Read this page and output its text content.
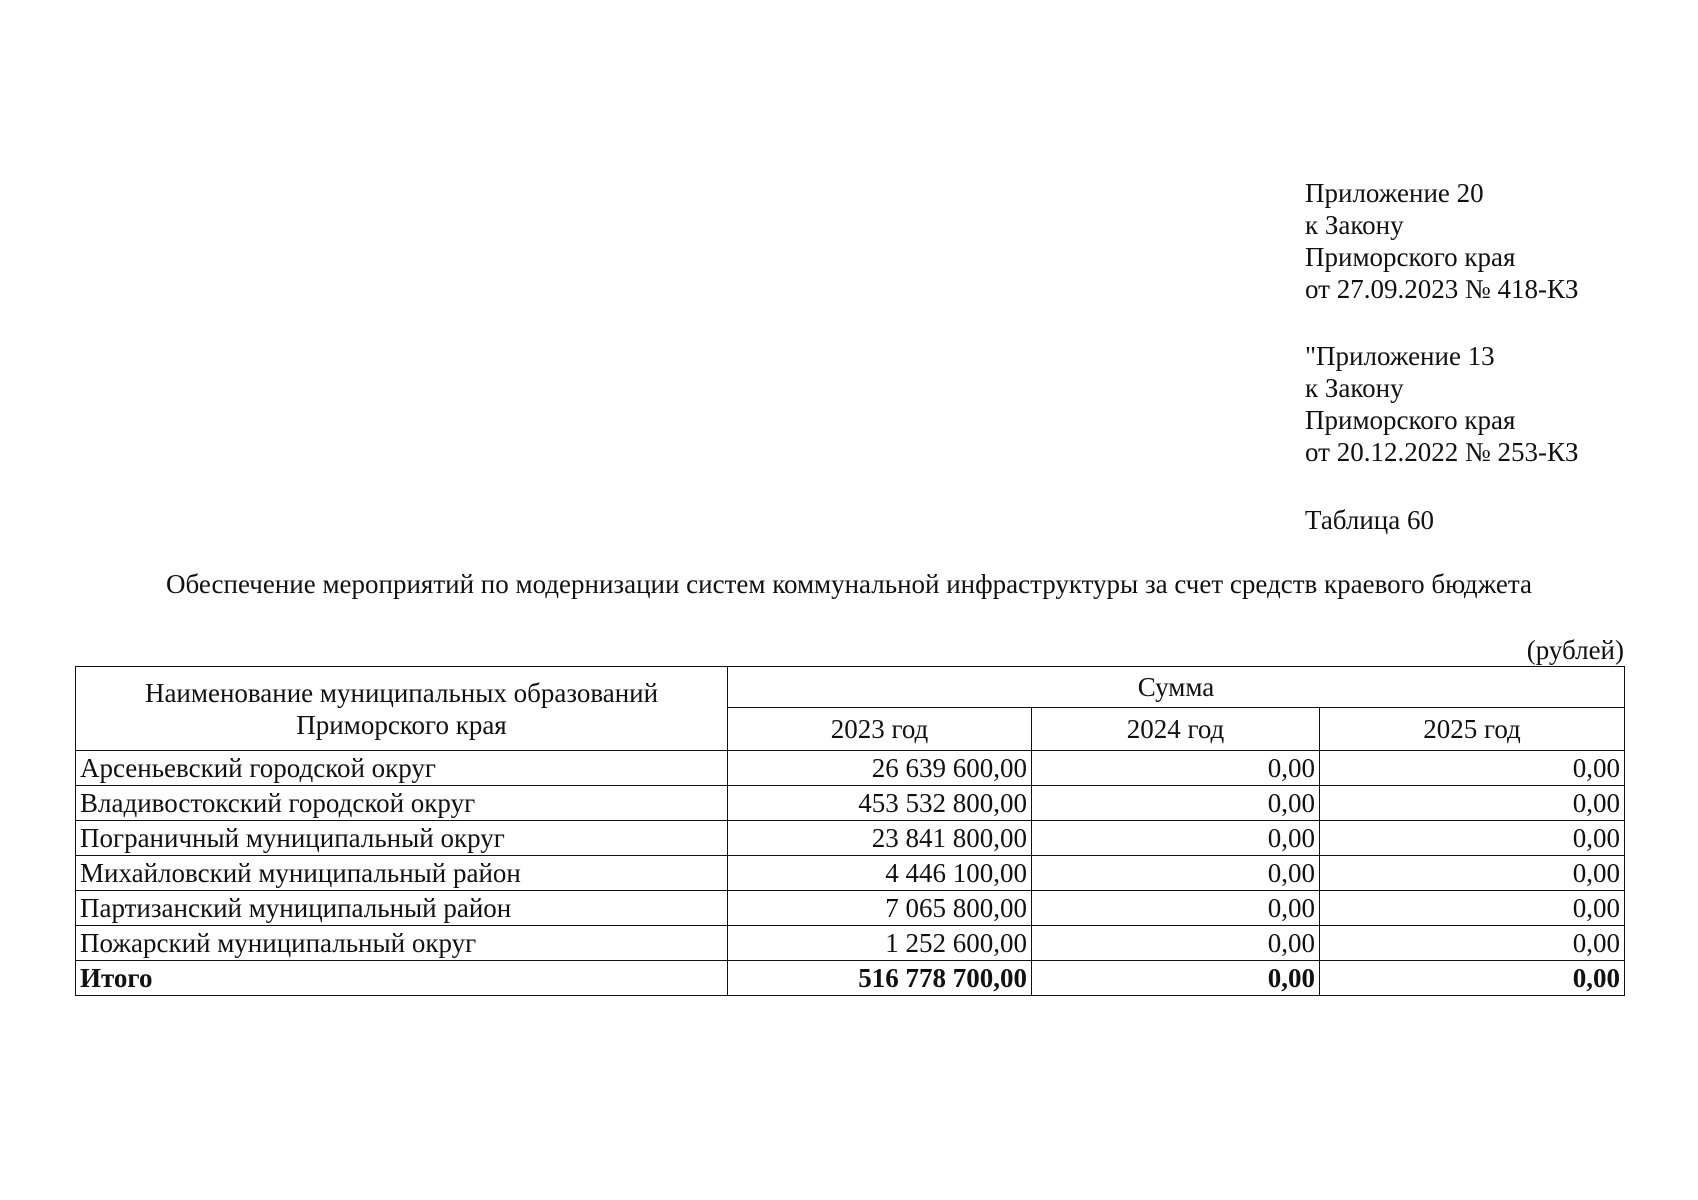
Приложение 20
к Закону
Приморского края
от 27.09.2023 № 418-КЗ
"Приложение 13
к Закону
Приморского края
от 20.12.2022 № 253-КЗ
Таблица 60
Обеспечение мероприятий по модернизации систем коммунальной инфраструктуры за счет средств краевого бюджета
(рублей)
Наименование муниципальных образований Приморского края	Сумма		
	2023 год	2024 год	2025 год
Арсеньевский городской округ	26 639 600,00	0,00	0,00
Владивостокский городской округ	453 532 800,00	0,00	0,00
Пограничный муниципальный округ	23 841 800,00	0,00	0,00
Михайловский муниципальный район	4 446 100,00	0,00	0,00
Партизанский муниципальный район	7 065 800,00	0,00	0,00
Пожарский муниципальный округ	1 252 600,00	0,00	0,00
Итого	516 778 700,00	0,00	0,00
